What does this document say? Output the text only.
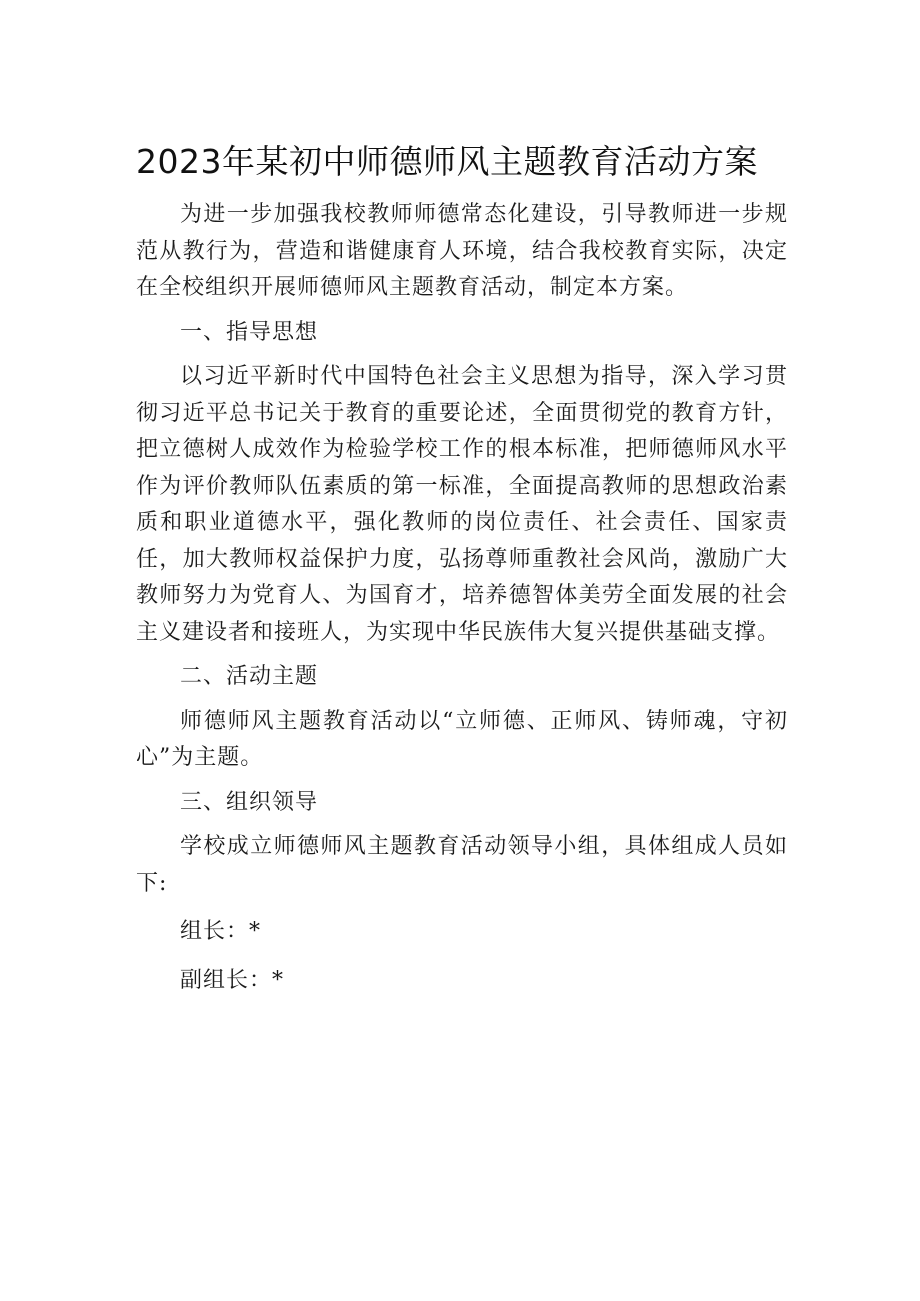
2023年某初中师德师风主题教育活动方案

为进一步加强我校教师师德常态化建设，引导教师进一步规范从教行为，营造和谐健康育人环境，结合我校教育实际，决定在全校组织开展师德师风主题教育活动，制定本方案。

一、指导思想

以习近平新时代中国特色社会主义思想为指导，深入学习贯彻习近平总书记关于教育的重要论述，全面贯彻党的教育方针，把立德树人成效作为检验学校工作的根本标准，把师德师风水平作为评价教师队伍素质的第一标准，全面提高教师的思想政治素质和职业道德水平，强化教师的岗位责任、社会责任、国家责任，加大教师权益保护力度，弘扬尊师重教社会风尚，激励广大教师努力为党育人、为国育才，培养德智体美劳全面发展的社会主义建设者和接班人，为实现中华民族伟大复兴提供基础支撑。

二、活动主题

师德师风主题教育活动以“立师德、正师风、铸师魂，守初心”为主题。

三、组织领导

学校成立师德师风主题教育活动领导小组，具体组成人员如下:

组长：*

副组长：*
